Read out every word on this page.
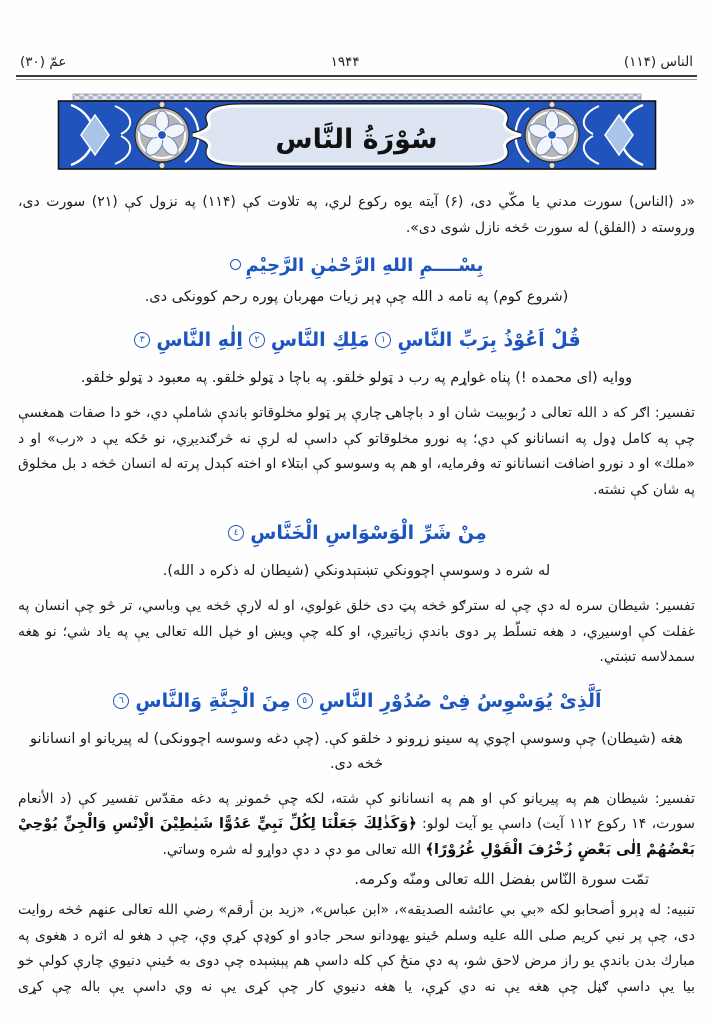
الناس (۱۱۴)
۱۹۴۴
عمّ (۳۰)
سُوْرَةُ النَّاس

«د (الناس) سورت مدني يا مكّي دى، (۶) آيته يوه ركوع لري، په تلاوت كې (۱۱۴) په نزول كې (۲۱) سورت دى، وروسته د (الفلق) له سورت څخه نازل شوى دى».

بِسْــــمِ اللهِ الرَّحْمٰنِ الرَّحِيْمِ

(شروع كوم) په نامه د الله چې ډېر زيات مهربان پوره رحم كوونكى دى.

قُلْ اَعُوْذُ بِرَبِّ النَّاسِ١مَلِكِ النَّاسِ٢اِلٰهِ النَّاسِ٣

ووايه (اى محمده !) پناه غواړم په رب د ټولو خلقو. په باچا د ټولو خلقو. په معبود د ټولو خلقو.

تفسير: اګر كه د الله تعالى د رُبوبيت شان او د باچاهۍ چارې پر ټولو مخلوقاتو باندې شاملې دي، خو دا صفات همغسې چې په كامل ډول په انسانانو كې دي؛ په نورو مخلوقاتو كې داسې له لرې نه څرګنديږي، نو ځكه يې د «رب» او د «ملك» او د نورو اضافت انسانانو ته وفرمايه، او هم په وسوسو كې ابتلاء او اخته كېدل پرته له انسان څخه د بل مخلوق په شان كې نشته.

مِنْ شَرِّ الْوَسْوَاسِ الْخَنَّاسِ٤

له شره د وسوسې اچوونكي تښتېدونكي (شيطان له ذكره د الله).

تفسير: شيطان سره له دې چې له سترګو څخه پټ دى خلق غولوي، او له لارې څخه يې وباسي، تر څو چې انسان په غفلت كې اوسيږي، د هغه تسلّط پر دوى باندې زياتيږي، او كله چې ويښ او خپل الله تعالى يې په ياد شي؛ نو هغه سمدلاسه تښتي.

اَلَّذِىْ يُوَسْوِسُ فِىْ صُدُوْرِ النَّاسِ٥مِنَ الْجِنَّةِ وَالنَّاسِ٦

هغه (شيطان) چې وسوسې اچوي په سينو زړونو د خلقو كې. (چې دغه وسوسه اچوونكى) له پيريانو او انسانانو څخه دى.

تفسير: شيطان هم په پيريانو كې او هم په انسانانو كې شته، لكه چې څمونږ په دغه مقدّس تفسير كې (د الأنعام سورت، ۱۴ ركوع ۱۱۲ آيت) داسې يو آيت لولو: ﴿وَكَذٰلِكَ جَعَلْنَا لِكُلِّ نَبِيٍّ عَدُوًّا شَيٰطِيْنَ الْاِنْسِ وَالْجِنِّ يُوْحِيْ بَعْضُهُمْ اِلٰى بَعْضٍ زُخْرُفَ الْقَوْلِ غُرُوْرًا﴾ الله تعالى مو دې د دې دواړو له شره وساتي.

تمّت سورة النّاس بفضل الله تعالى ومنّه وكرمه.

تنبيه: له ډېرو أصحابو لكه «بي بي عائشه الصديقه»، «ابن عباس»، «زيد بن أرقم» رضي الله تعالى عنهم څخه روايت دى، چې پر نبي كريم صلى الله عليه وسلم ځينو يهودانو سحر جادو او كوډې كړې وې، چې د هغو له اثره د هغوى په مبارك بدن باندې يو راز مرض لاحق شو، په دې منځ كې كله داسې هم پېښېده چې دوى به ځينې دنيوي چارې كولې خو بيا يې داسې ګڼل چې هغه يې نه دي كړې، يا هغه دنيوي كار چې كړى يې نه وي داسې يې باله چې كړى
